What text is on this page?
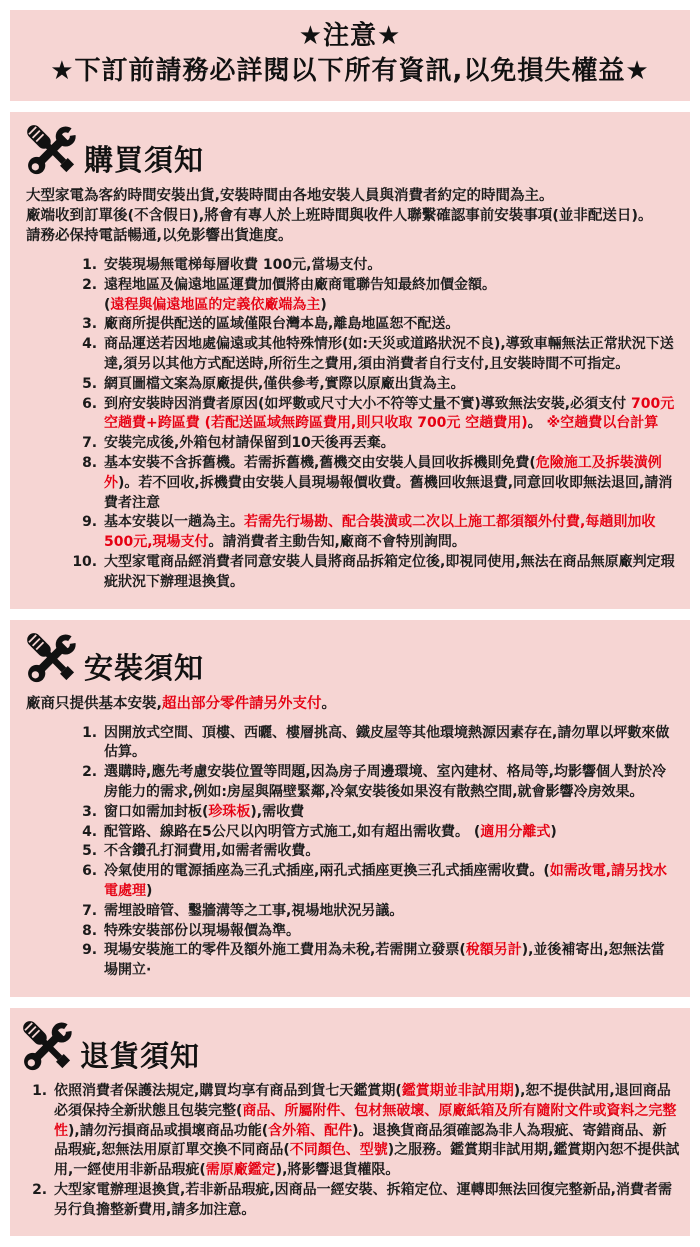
★注意★
★下訂前請務必詳閱以下所有資訊,以免損失權益★
購買須知
大型家電為客約時間安裝出貨,安裝時間由各地安裝人員與消費者約定的時間為主。
廠端收到訂單後(不含假日),將會有專人於上班時間與收件人聯繫確認事前安裝事項(並非配送日)。
請務必保持電話暢通,以免影響出貨進度。
1. 安裝現場無電梯每層收費 100元,當場支付。
2. 遠程地區及偏遠地區運費加價將由廠商電聯告知最終加價金額。
(遠程與偏遠地區的定義依廠端為主)
3. 廠商所提供配送的區域僅限台灣本島,離島地區恕不配送。
4. 商品運送若因地處偏遠或其他特殊情形(如:天災或道路狀況不良),導致車輛無法正常狀況下送達,須另以其他方式配送時,所衍生之費用,須由消費者自行支付,且安裝時間不可指定。
5. 網頁圖檔文案為原廠提供,僅供參考,實際以原廠出貨為主。
6. 到府安裝時因消費者原因(如坪數或尺寸大小不符等丈量不實)導致無法安裝,必須支付 700元空趟費+跨區費 (若配送區域無跨區費用,則只收取 700元 空趟費用)。 ※空趟費以台計算
7. 安裝完成後,外箱包材請保留到10天後再丟棄。
8. 基本安裝不含拆舊機。若需拆舊機,舊機交由安裝人員回收拆機則免費(危險施工及拆裝潢例外)。若不回收,拆機費由安裝人員現場報價收費。舊機回收無退費,同意回收即無法退回,請消費者注意
9. 基本安裝以一趟為主。若需先行場勘、配合裝潢或二次以上施工都須額外付費,每趟則加收 500元,現場支付。請消費者主動告知,廠商不會特別詢問。
10. 大型家電商品經消費者同意安裝人員將商品拆箱定位後,即視同使用,無法在商品無原廠判定瑕疵狀況下辦理退換貨。
安裝須知
廠商只提供基本安裝,超出部分零件請另外支付。
1. 因開放式空間、頂樓、西曬、樓層挑高、鐵皮屋等其他環境熱源因素存在,請勿單以坪數來做估算。
2. 選購時,應先考慮安裝位置等問題,因為房子周邊環境、室內建材、格局等,均影響個人對於冷房能力的需求,例如:房屋與隔壁緊鄰,冷氣安裝後如果沒有散熱空間,就會影響冷房效果。
3. 窗口如需加封板(珍珠板),需收費
4. 配管路、線路在5公尺以內明管方式施工,如有超出需收費。 (適用分離式)
5. 不含鑽孔打洞費用,如需者需收費。
6. 冷氣使用的電源插座為三孔式插座,兩孔式插座更換三孔式插座需收費。(如需改電,請另找水電處理)
7. 需埋設暗管、鑿牆溝等之工事,視場地狀況另議。
8. 特殊安裝部份以現場報價為準。
9. 現場安裝施工的零件及額外施工費用為未稅,若需開立發票(稅額另計),並後補寄出,恕無法當場開立·
退貨須知
1. 依照消費者保護法規定,購買均享有商品到貨七天鑑賞期(鑑賞期並非試用期),恕不提供試用,退回商品必須保持全新狀態且包裝完整(商品、所屬附件、包材無破壞、原廠紙箱及所有隨附文件或資料之完整性),請勿污損商品或損壞商品功能(含外箱、配件)。退換貨商品須確認為非人為瑕疵、寄錯商品、新品瑕疵,恕無法用原訂單交換不同商品(不同顏色、型號)之服務。鑑賞期非試用期,鑑賞期內恕不提供試用,一經使用非新品瑕疵(需原廠鑑定),將影響退貨權限。
2. 大型家電辦理退換貨,若非新品瑕疵,因商品一經安裝、拆箱定位、運轉即無法回復完整新品,消費者需另行負擔整新費用,請多加注意。
